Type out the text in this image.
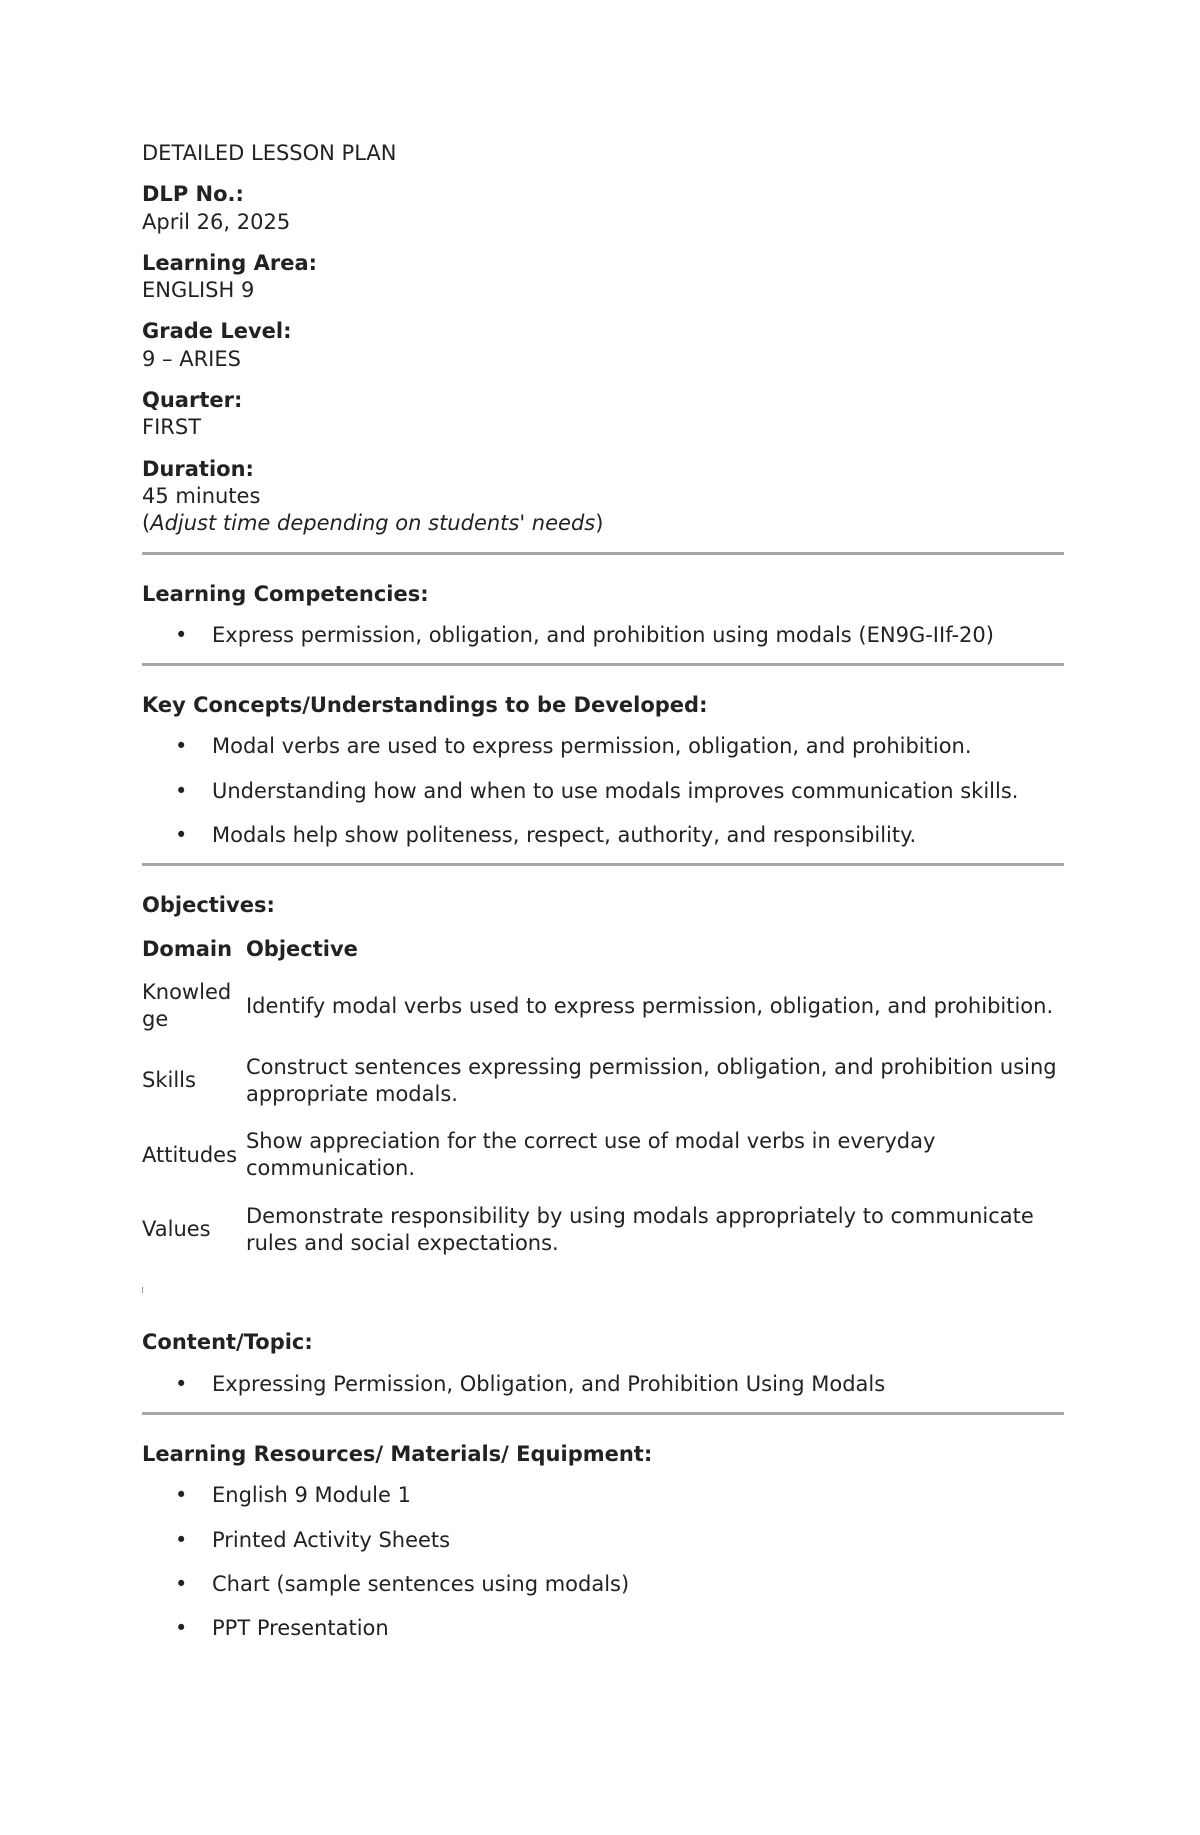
DETAILED LESSON PLAN
DLP No.:
April 26, 2025
Learning Area:
ENGLISH 9
Grade Level:
9 – ARIES
Quarter:
FIRST
Duration:
45 minutes
(Adjust time depending on students' needs)
Learning Competencies:
• Express permission, obligation, and prohibition using modals (EN9G-IIf-20)
Key Concepts/Understandings to be Developed:
• Modal verbs are used to express permission, obligation, and prohibition.
• Understanding how and when to use modals improves communication skills.
• Modals help show politeness, respect, authority, and responsibility.
Objectives:
Domain	Objective
Knowledge	Identify modal verbs used to express permission, obligation, and prohibition.
Skills	Construct sentences expressing permission, obligation, and prohibition using appropriate modals.
Attitudes	Show appreciation for the correct use of modal verbs in everyday communication.
Values	Demonstrate responsibility by using modals appropriately to communicate rules and social expectations.
Content/Topic:
• Expressing Permission, Obligation, and Prohibition Using Modals
Learning Resources/ Materials/ Equipment:
• English 9 Module 1
• Printed Activity Sheets
• Chart (sample sentences using modals)
• PPT Presentation
